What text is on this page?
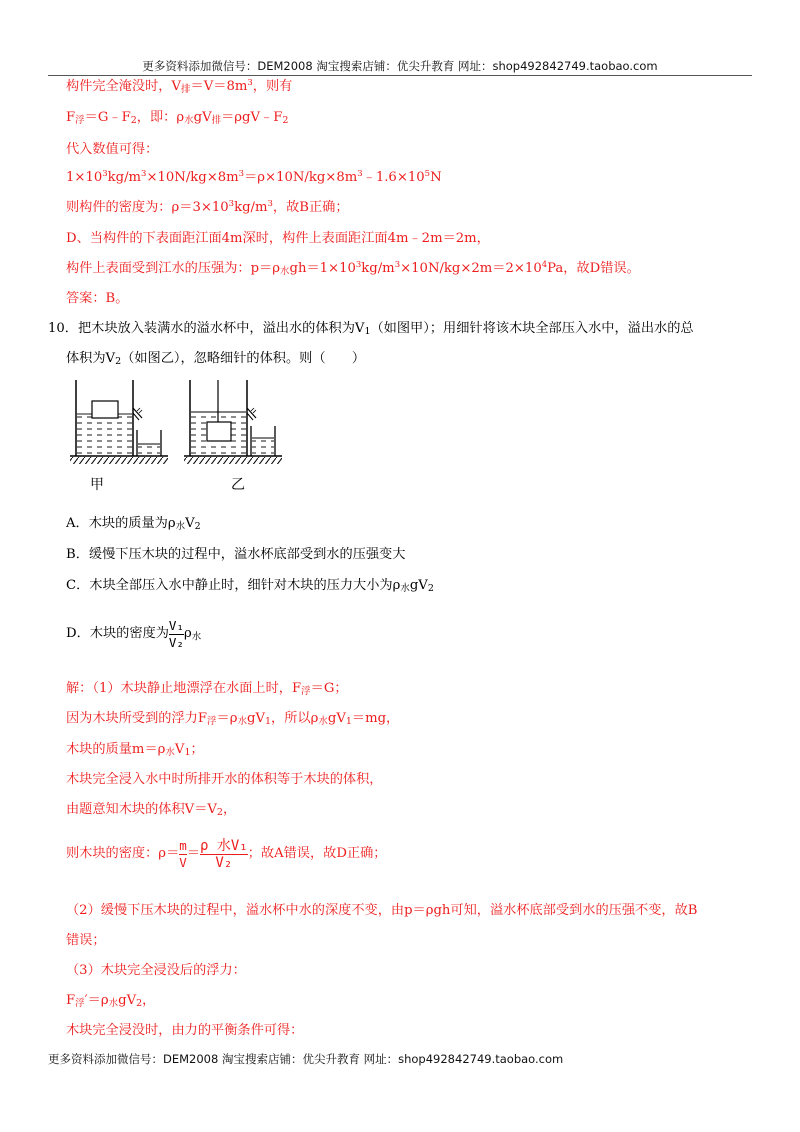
更多资料添加微信号：DEM2008 淘宝搜索店铺：优尖升教育 网址：shop492842749.taobao.com
构件完全淹没时，$V_排=V=8m^3$，则有
$F_浮=G﹣F_2$，即：$\rho_水gV_排=\rho gV﹣F_2$
代入数值可得：
$1\times 10^3kg/m^3\times 10N/kg\times 8m^3=\rho\times 10N/kg\times 8m^3﹣1.6\times 10^5N$
则构件的密度为：$\rho=3\times 10^3kg/m^3$，故B正确；
D、当构件的下表面距江面4m深时，构件上表面距江面4m﹣2m＝2m，
构件上表面受到江水的压强为：$p=\rho_水gh=1\times 10^3kg/m^3\times 10N/kg\times 2m=2\times 10^4Pa$，故D错误。
答案：B。
10．把木块放入装满水的溢水杯中，溢出水的体积为$V_1$（如图甲）；用细针将该木块全部压入水中，溢出水的总
体积为$V_2$（如图乙），忽略细针的体积。则（　　）
甲	乙
A．木块的质量为$\rho_水V_2$
B．缓慢下压木块的过程中，溢水杯底部受到水的压强变大
C．木块全部压入水中静止时，细针对木块的压力大小为$\rho_水gV_2$
D．木块的密度为 $\frac{\text{V₁}}{\text{V₂}} \rho_水$
解：（1）木块静止地漂浮在水面上时，$F_浮=G$；
因为木块所受到的浮力$F_浮=\rho_水gV_1$，所以$\rho_水gV_1=mg$，
木块的质量$m=\rho_水V_1$；
木块完全浸入水中时所排开水的体积等于木块的体积，
由题意知木块的体积$V=V_2$，
则木块的密度：$\rho= \frac{m}{V} = \frac{\text{ρ 水V₁}}{\text{V₂}}$ ；故A错误，故D正确；
（2）缓慢下压木块的过程中，溢水杯中水的深度不变，由p＝ρgh可知，溢水杯底部受到水的压强不变，故B
错误；
（3）木块完全浸没后的浮力：
$F_浮'=\rho_水gV_2$，
木块完全浸没时，由力的平衡条件可得：
更多资料添加微信号：DEM2008 淘宝搜索店铺：优尖升教育 网址：shop492842749.taobao.com
